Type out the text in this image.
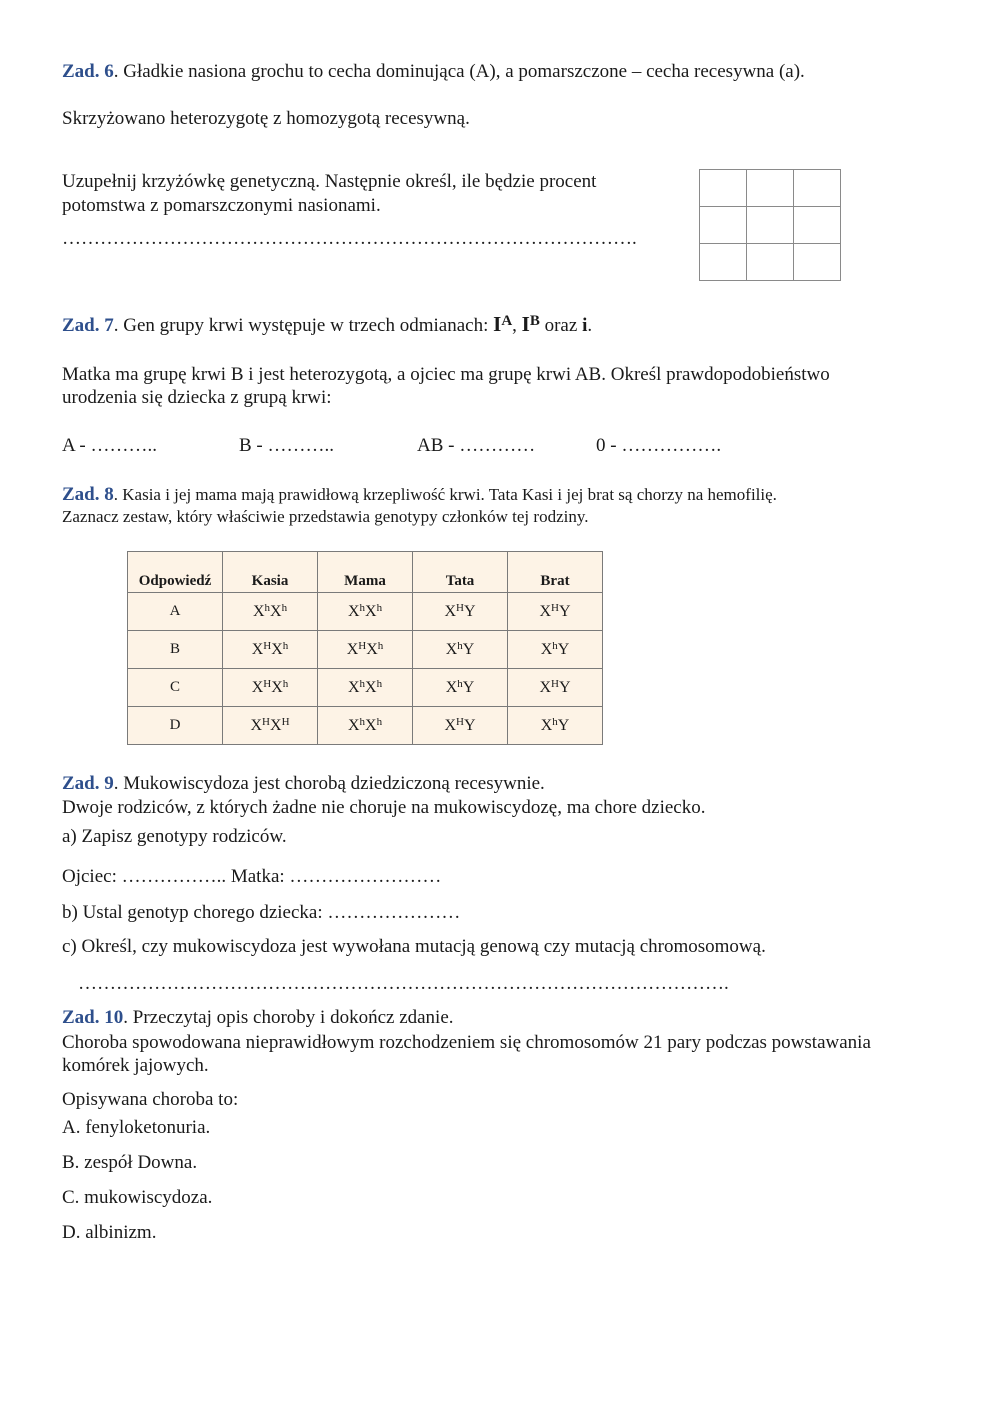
Zad. 6. Gładkie nasiona grochu to cecha dominująca (A), a pomarszczone – cecha recesywna (a).
Skrzyżowano heterozygotę z homozygotą recesywną.
Uzupełnij krzyżówkę genetyczną. Następnie określ, ile będzie procent
potomstwa z pomarszczonymi nasionami.
……………………………………………………………………………….

Zad. 7. Gen grupy krwi występuje w trzech odmianach: $I^A$, $I^B$ oraz i.
Matka ma grupę krwi B i jest heterozygotą, a ojciec ma grupę krwi AB. Określ prawdopodobieństwo
urodzenia się dziecka z grupą krwi:
A - ………..	B - ………..	AB - …………	0 - …………….
Zad. 8. Kasia i jej mama mają prawidłową krzepliwość krwi. Tata Kasi i jej brat są chorzy na hemofilię.
Zaznacz zestaw, który właściwie przedstawia genotypy członków tej rodziny.
Odpowiedź	Kasia	Mama	Tata	Brat
A	$X^hX^h$	$X^hX^h$	$X^HY$	$X^HY$
B	$X^HX^h$	$X^HX^h$	$X^hY$	$X^hY$
C	$X^HX^h$	$X^hX^h$	$X^hY$	$X^HY$
D	$X^HX^H$	$X^hX^h$	$X^HY$	$X^hY$
Zad. 9. Mukowiscydoza jest chorobą dziedziczoną recesywnie.
Dwoje rodziców, z których żadne nie choruje na mukowiscydozę, ma chore dziecko.
a) Zapisz genotypy rodziców.
Ojciec: …………….. Matka: ……………………
b) Ustal genotyp chorego dziecka: …………………
c) Określ, czy mukowiscydoza jest wywołana mutacją genową czy mutacją chromosomową.
………………………………………………………………………………………….
Zad. 10. Przeczytaj opis choroby i dokończ zdanie.
Choroba spowodowana nieprawidłowym rozchodzeniem się chromosomów 21 pary podczas powstawania
komórek jajowych.
Opisywana choroba to:
A. fenyloketonuria.
B. zespół Downa.
C. mukowiscydoza.
D. albinizm.
